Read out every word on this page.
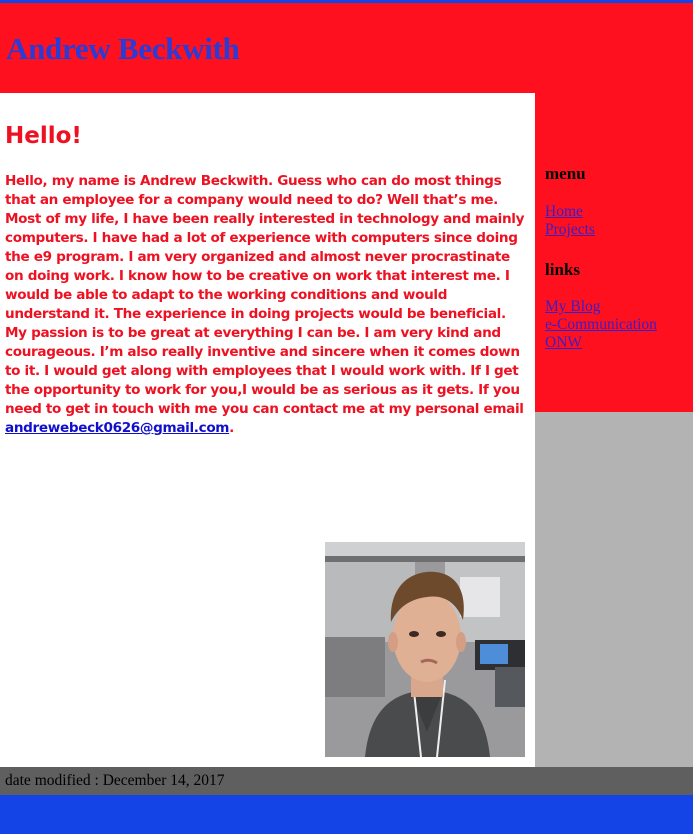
Andrew Beckwith
Hello!

Hello, my name is Andrew Beckwith. Guess who can do most things that an employee for a company would need to do? Well that’s me. Most of my life, I have been really interested in technology and mainly computers. I have had a lot of experience with computers since doing the e9 program. I am very organized and almost never procrastinate on doing work. I know how to be creative on work that interest me. I would be able to adapt to the working conditions and would understand it. The experience in doing projects would be beneficial. My passion is to be great at everything I can be. I am very kind and courageous. I’m also really inventive and sincere when it comes down to it. I would get along with employees that I would work with. If I get the opportunity to work for you,I would be as serious as it gets. If you need to get in touch with me you can contact me at my personal email andrewebeck0626@gmail.com.

menu
Home
Projects
links
My Blog
e-Communication
ONW
date modified : December 14, 2017
